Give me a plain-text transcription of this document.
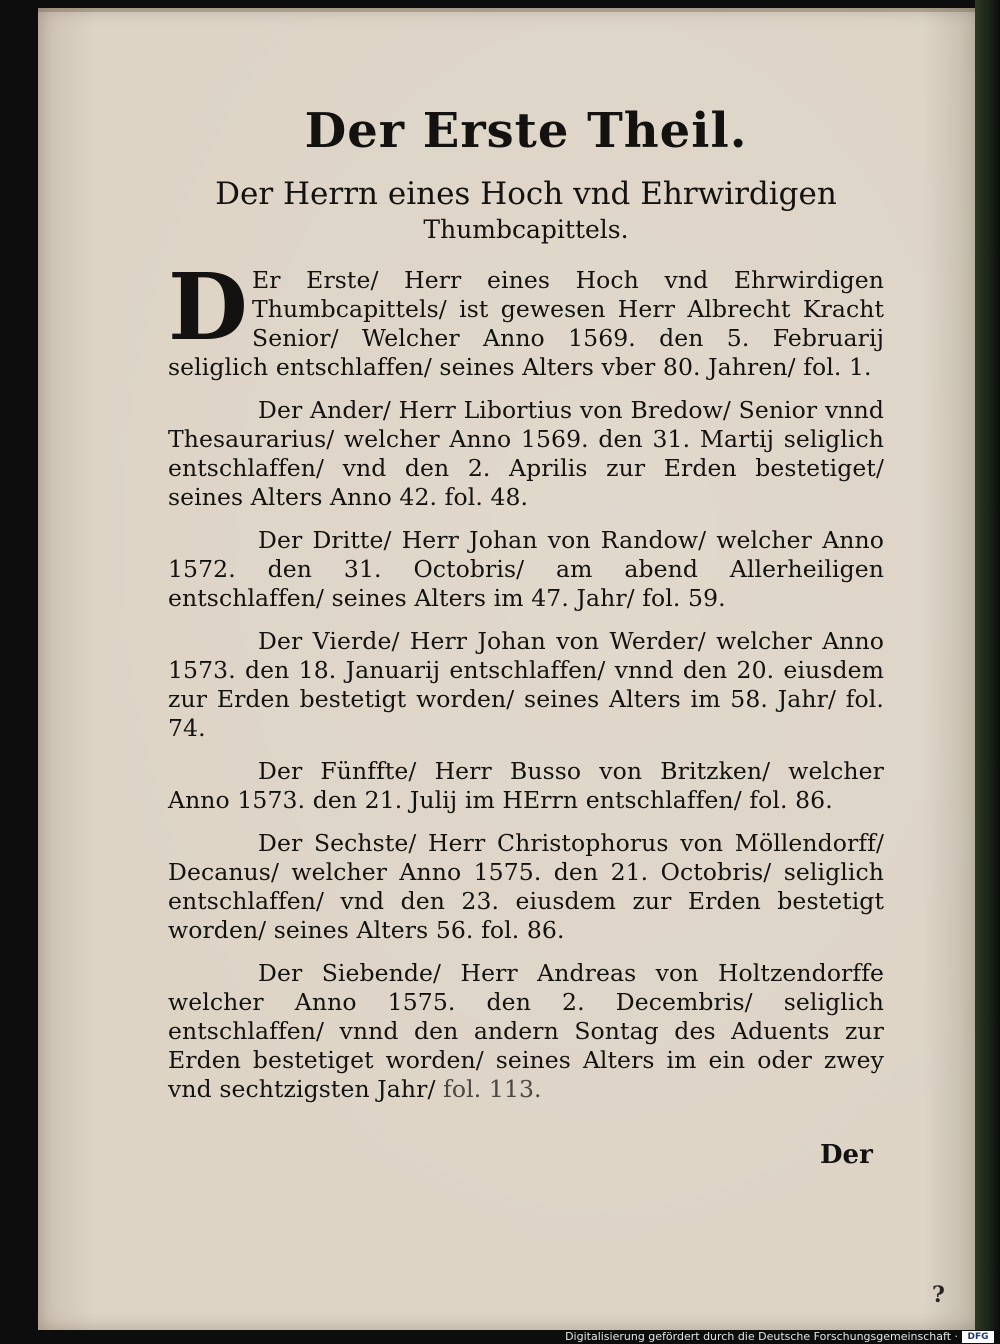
Der Erste Theil.
Der Herrn eines Hoch vnd Ehrwirdigen
Thumbcapittels.

D Er Erste/ Herr eines Hoch vnd Ehrwirdigen Thumbcapittels/ ist gewesen Herr Albrecht Kracht Senior/ Welcher Anno 1569. den 5. Februarij seliglich entschlaffen/ seines Alters vber 80. Jahren/ fol. 1.

Der Ander/ Herr Libortius von Bredow/ Senior vnnd Thesaurarius/ welcher Anno 1569. den 31. Martij seliglich entschlaffen/ vnd den 2. Aprilis zur Erden bestetiget/ seines Alters Anno 42. fol. 48.

Der Dritte/ Herr Johan von Randow/ welcher Anno 1572. den 31. Octobris/ am abend Allerheiligen entschlaffen/ seines Alters im 47. Jahr/ fol. 59.

Der Vierde/ Herr Johan von Werder/ welcher Anno 1573. den 18. Januarij entschlaffen/ vnnd den 20. eiusdem zur Erden bestetigt worden/ seines Alters im 58. Jahr/ fol. 74.

Der Fünffte/ Herr Busso von Britzken/ welcher Anno 1573. den 21. Julij im HErrn entschlaffen/ fol. 86.

Der Sechste/ Herr Christophorus von Möllendorff/ Decanus/ welcher Anno 1575. den 21. Octobris/ seliglich entschlaffen/ vnd den 23. eiusdem zur Erden bestetigt worden/ seines Alters 56. fol. 86.

Der Siebende/ Herr Andreas von Holtzendorffe welcher Anno 1575. den 2. Decembris/ seliglich entschlaffen/ vnnd den andern Sontag des Aduents zur Erden bestetiget worden/ seines Alters im ein oder zwey vnd sechtzigsten Jahr/ fol. 113.

Der
?
Digitalisierung gefördert durch die Deutsche Forschungsgemeinschaft ·	DFG
